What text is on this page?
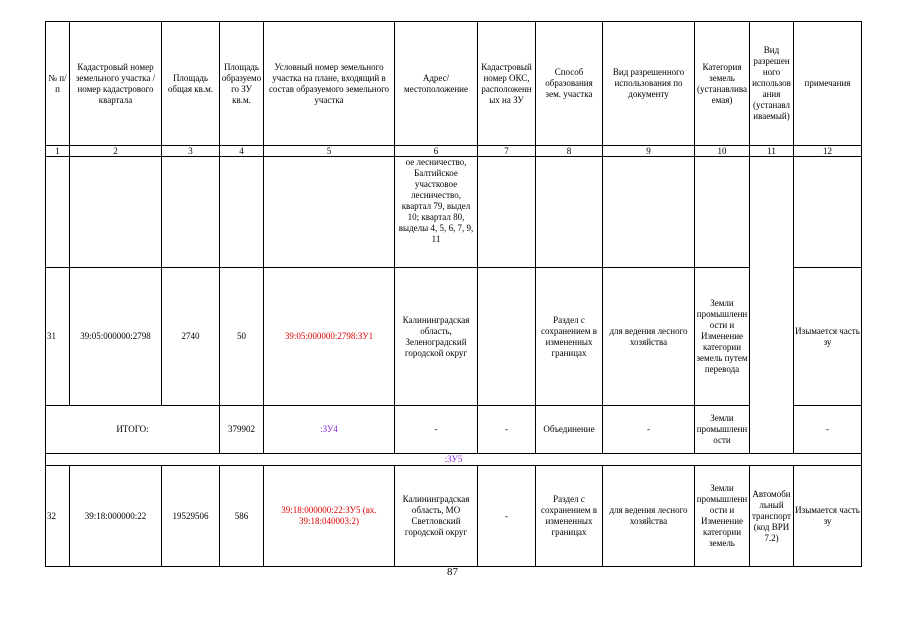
№ п/п	Кадастровый номер земельного участка /номер кадастрового квартала	Площадь общая кв.м.	Площадь образуемого ЗУ кв.м.	Условный номер земельного участка на плане, входящий в состав образуемого земельного участка	Адрес/ местоположение	Кадастровый номер ОКС, расположенных на ЗУ	Способ образования зем. участка	Вид разрешенного использования по документу	Категория земель (устанавливаемая)	Вид разрешенного использования (устанавливаемый)	примечания
1	2	3	4	5	6	7	8	9	10	11	12
					ое лесничество, Балтийское участковое лесничество, квартал 79, выдел 10; квартал 80, выделы 4, 5, 6, 7, 9, 11						
31	39:05:000000:2798	2740	50	39:05:000000:2798:ЗУ1	Калининградская область, Зеленоградский городской округ		Раздел с сохранением в измененных границах	для ведения лесного хозяйства	Земли промышленности и Изменение категории земель путем перевода		Изымается часть зу
ИТОГО:			379902	:ЗУ4	-	-	Объединение	-	Земли промышленности		-
:ЗУ5											
32	39:18:000000:22	19529506	586	39:18:000000:22:ЗУ5 (вх. 39:18:040003:2)	Калининградская область, МО Светловский городской округ	-	Раздел с сохранением в измененных границах	для ведения лесного хозяйства	Земли промышленности и Изменение категории земель	Автомобильный транспорт (код ВРИ 7.2)	Изымается часть зу
87
